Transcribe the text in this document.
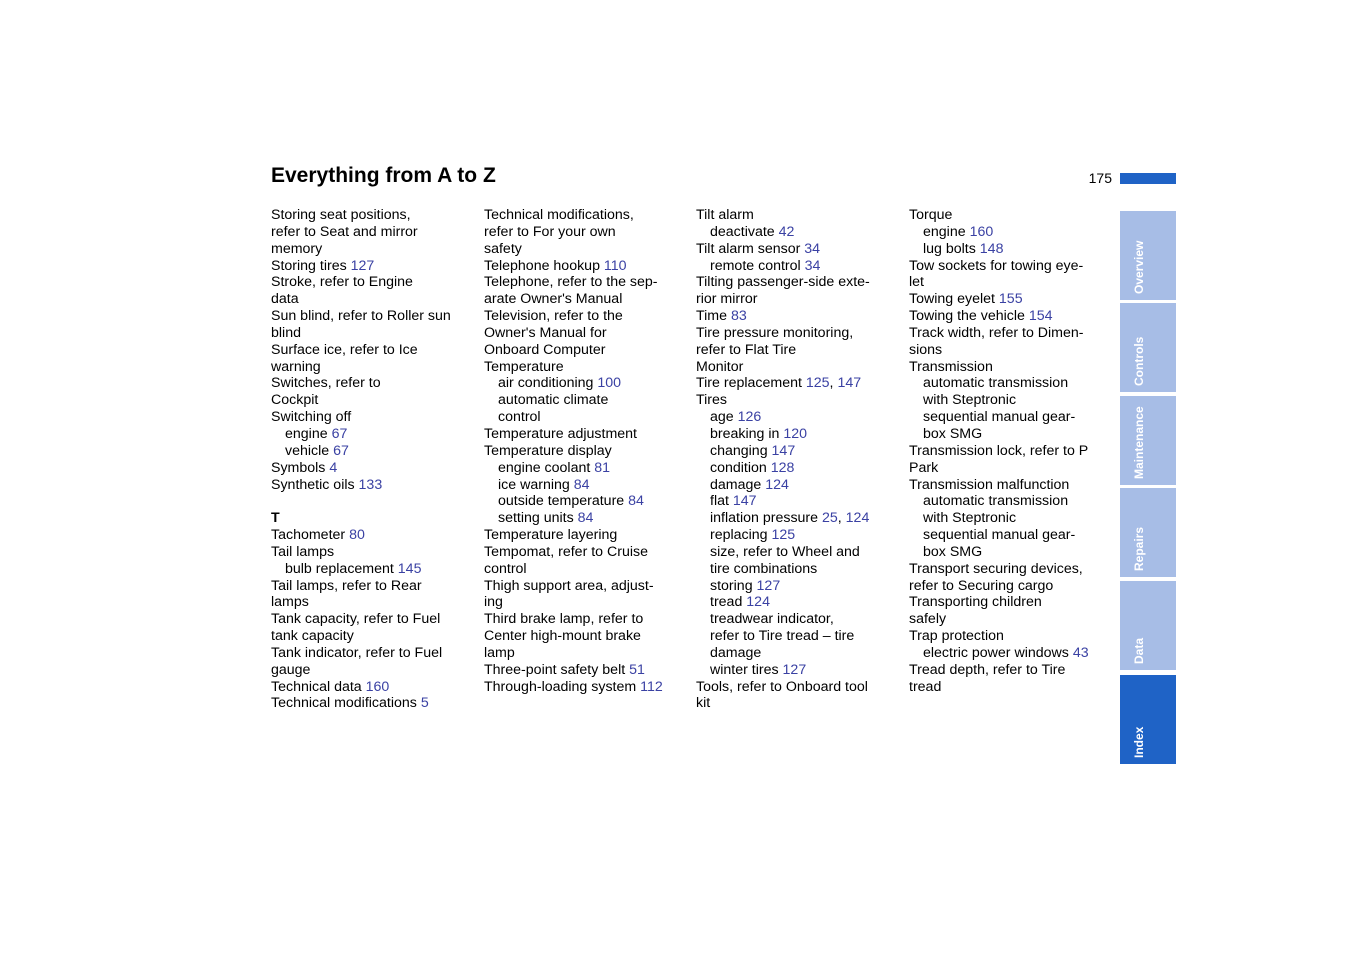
Everything from A to Z	175
Storing seat positions,
refer to Seat and mirror
memory
Storing tires 127
Stroke, refer to Engine
data
Sun blind, refer to Roller sun
blind
Surface ice, refer to Ice
warning
Switches, refer to
Cockpit
Switching off
engine 67
vehicle 67
Symbols 4
Synthetic oils 133
T
Tachometer 80
Tail lamps
bulb replacement 145
Tail lamps, refer to Rear
lamps
Tank capacity, refer to Fuel
tank capacity
Tank indicator, refer to Fuel
gauge
Technical data 160
Technical modifications 5
Technical modifications,
refer to For your own
safety
Telephone hookup 110
Telephone, refer to the sep-
arate Owner's Manual
Television, refer to the
Owner's Manual for
Onboard Computer
Temperature
air conditioning 100
automatic climate
control
Temperature adjustment
Temperature display
engine coolant 81
ice warning 84
outside temperature 84
setting units 84
Temperature layering
Tempomat, refer to Cruise
control
Thigh support area, adjust-
ing
Third brake lamp, refer to
Center high-mount brake
lamp
Three-point safety belt 51
Through-loading system 112
Tilt alarm
deactivate 42
Tilt alarm sensor 34
remote control 34
Tilting passenger-side exte-
rior mirror
Time 83
Tire pressure monitoring,
refer to Flat Tire
Monitor
Tire replacement 125 , 147
Tires
age 126
breaking in 120
changing 147
condition 128
damage 124
flat 147
inflation pressure 25 , 124
replacing 125
size, refer to Wheel and
tire combinations
storing 127
tread 124
treadwear indicator,
refer to Tire tread – tire
damage
winter tires 127
Tools, refer to Onboard tool
kit
Torque
engine 160
lug bolts 148
Tow sockets for towing eye-
let
Towing eyelet 155
Towing the vehicle 154
Track width, refer to Dimen-
sions
Transmission
automatic transmission
with Steptronic
sequential manual gear-
box SMG
Transmission lock, refer to P
Park
Transmission malfunction
automatic transmission
with Steptronic
sequential manual gear-
box SMG
Transport securing devices,
refer to Securing cargo
Transporting children
safely
Trap protection
electric power windows 43
Tread depth, refer to Tire
tread
Overview
Controls
Maintenance
Repairs
Data
Index
